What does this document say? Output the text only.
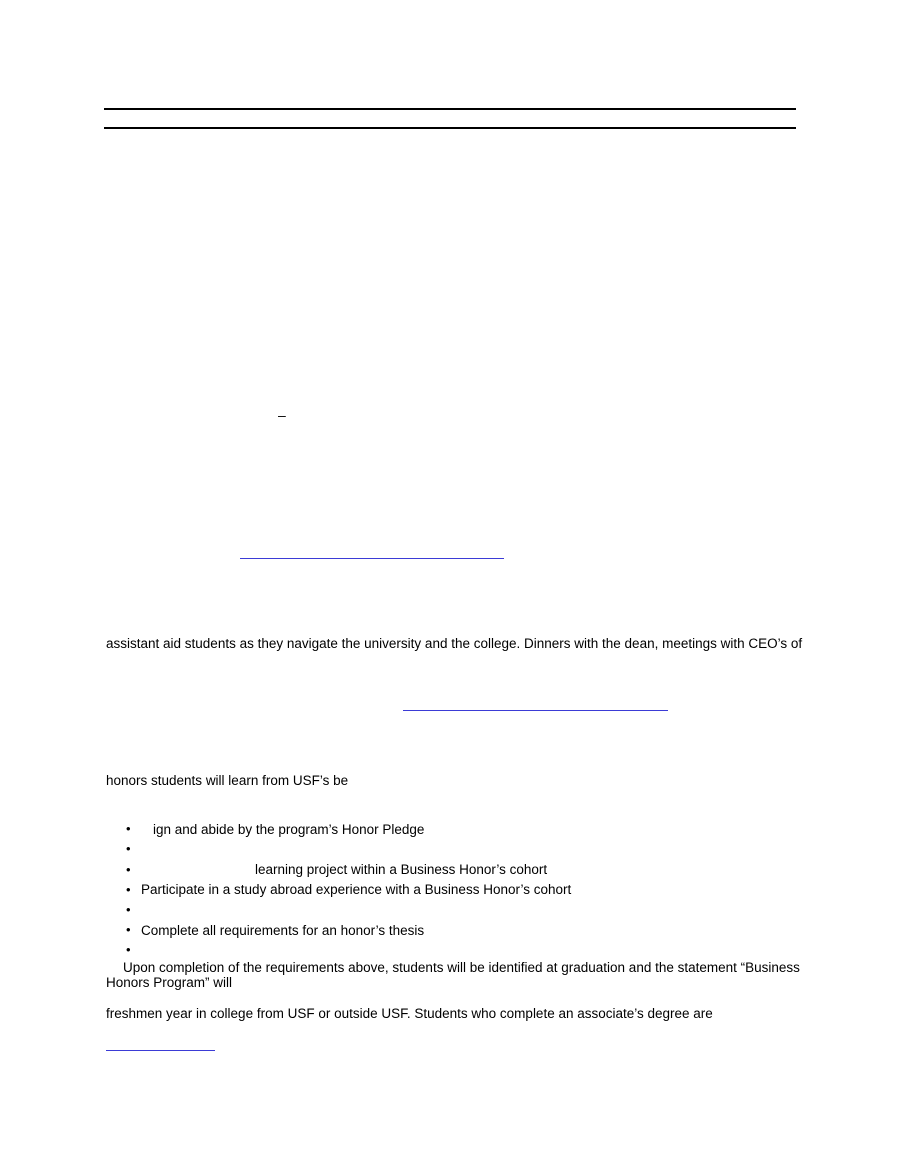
–
assistant aid students as they navigate the university and the college. Dinners with the dean, meetings with CEO’s of
honors students will learn from USF’s be
• ign and abide by the program’s Honor Pledge
•
•	learning project within a Business Honor’s cohort
• Participate in a study abroad experience with a Business Honor’s cohort
•
• Complete all requirements for an honor’s thesis
•
Upon completion of the requirements above, students will be identified at graduation and the statement “Business
Honors Program” will
freshmen year in college from USF or outside USF. Students who complete an associate’s degree are
